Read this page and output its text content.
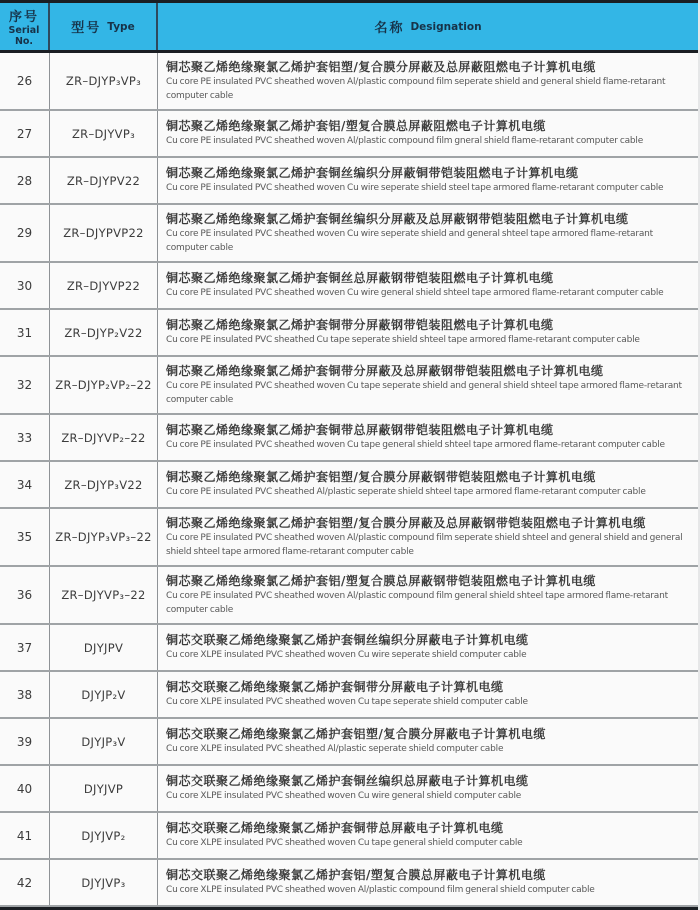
序号
Serial
No.
型号 Type	名称 Designation
26	ZR–DJYP₃VP₃
铜芯聚乙烯绝缘聚氯乙烯护套铝塑/复合膜分屏蔽及总屏蔽阻燃电子计算机电缆
Cu core PE insulated PVC sheathed woven Al/plastic compound film seperate shield and general shield flame-retarant computer cable
27	ZR–DJYVP₃
铜芯聚乙烯绝缘聚氯乙烯护套铝/塑复合膜总屏蔽阻燃电子计算机电缆
Cu core PE insulated PVC sheathed woven Al/plastic compound film gneral shield flame-retarant computer cable
28	ZR–DJYPV22
铜芯聚乙烯绝缘聚氯乙烯护套铜丝编织分屏蔽铜带铠装阻燃电子计算机电缆
Cu core PE insulated PVC sheathed woven Cu wire seperate shield steel tape armored flame-retarant computer cable
29	ZR–DJYPVP22
铜芯聚乙烯绝缘聚氯乙烯护套铜丝编织分屏蔽及总屏蔽钢带铠装阻燃电子计算机电缆
Cu core PE insulated PVC sheathed woven Cu wire seperate shield and general shteel tape armored flame-retarant computer cable
30	ZR–DJYVP22
铜芯聚乙烯绝缘聚氯乙烯护套铜丝总屏蔽钢带铠装阻燃电子计算机电缆
Cu core PE insulated PVC sheathed woven Cu wire general shield shteel tape armored flame-retarant computer cable
31	ZR–DJYP₂V22
铜芯聚乙烯绝缘聚氯乙烯护套铜带分屏蔽钢带铠装阻燃电子计算机电缆
Cu core PE insulated PVC sheathed Cu tape seperate shield shteel tape armored flame-retarant computer cable
32	ZR–DJYP₂VP₂–22
铜芯聚乙烯绝缘聚氯乙烯护套铜带分屏蔽及总屏蔽钢带铠装阻燃电子计算机电缆
Cu core PE insulated PVC sheathed woven Cu tape seperate shield and general shield shteel tape armored flame-retarant computer cable
33	ZR–DJYVP₂–22
铜芯聚乙烯绝缘聚氯乙烯护套铜带总屏蔽钢带铠装阻燃电子计算机电缆
Cu core PE insulated PVC sheathed woven Cu tape general shield shteel tape armored flame-retarant computer cable
34	ZR–DJYP₃V22
铜芯聚乙烯绝缘聚氯乙烯护套铝塑/复合膜分屏蔽钢带铠装阻燃电子计算机电缆
Cu core PE insulated PVC sheathed Al/plastic seperate shield shteel tape armored flame-retarant computer cable
35	ZR–DJYP₃VP₃–22
铜芯聚乙烯绝缘聚氯乙烯护套铝塑/复合膜分屏蔽及总屏蔽钢带铠装阻燃电子计算机电缆
Cu core PE insulated PVC sheathed woven Al/plastic compound film seperate shield shteel and general shield and general shield shteel tape armored flame-retarant computer cable
36	ZR–DJYVP₃–22
铜芯聚乙烯绝缘聚氯乙烯护套铝/塑复合膜总屏蔽钢带铠装阻燃电子计算机电缆
Cu core PE insulated PVC sheathed woven Al/plastic compound film general shield shteel tape armored flame-retarant computer cable
37	DJYJPV
铜芯交联聚乙烯绝缘聚氯乙烯护套铜丝编织分屏蔽电子计算机电缆
Cu core XLPE insulated PVC sheathed woven Cu wire seperate shield computer cable
38	DJYJP₂V
铜芯交联聚乙烯绝缘聚氯乙烯护套铜带分屏蔽电子计算机电缆
Cu core XLPE insulated PVC sheathed woven Cu tape seperate shield computer cable
39	DJYJP₃V
铜芯交联聚乙烯绝缘聚氯乙烯护套铝塑/复合膜分屏蔽电子计算机电缆
Cu core XLPE insulated PVC sheathed Al/plastic seperate shield computer cable
40	DJYJVP
铜芯交联聚乙烯绝缘聚氯乙烯护套铜丝编织总屏蔽电子计算机电缆
Cu core XLPE insulated PVC sheathed woven Cu wire general shield computer cable
41	DJYJVP₂
铜芯交联聚乙烯绝缘聚氯乙烯护套铜带总屏蔽电子计算机电缆
Cu core XLPE insulated PVC sheathed woven Cu tape general shield computer cable
42	DJYJVP₃
铜芯交联聚乙烯绝缘聚氯乙烯护套铝/塑复合膜总屏蔽电子计算机电缆
Cu core XLPE insulated PVC sheathed woven Al/plastic compound film general shield computer cable
